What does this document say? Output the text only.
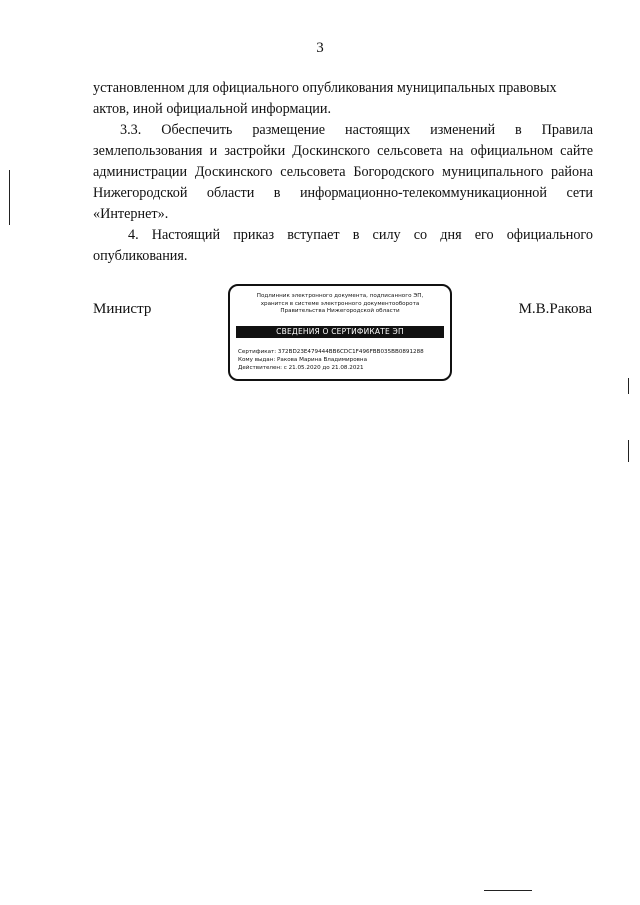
3

установленном для официального опубликования муниципальных правовых

актов, иной официальной информации.

3.3. Обеспечить размещение настоящих изменений в Правила землепользования и застройки Доскинского сельсовета на официальном сайте администрации Доскинского сельсовета Богородского муниципального района Нижегородской области в информационно-телекоммуникационной сети «Интернет».

4. Настоящий приказ вступает в силу со дня его официального опубликования.

Министр	М.В.Ракова
Подлинник электронного документа, подписанного ЭП,
хранится в системе электронного документооборота
Правительства Нижегородской области
СВЕДЕНИЯ О СЕРТИФИКАТЕ ЭП
Сертификат: 372BD23E479444BB6CDC1F496FBB035BB0891288
Кому выдан: Ракова Марина Владимировна
Действителен: с 21.05.2020 до 21.08.2021
